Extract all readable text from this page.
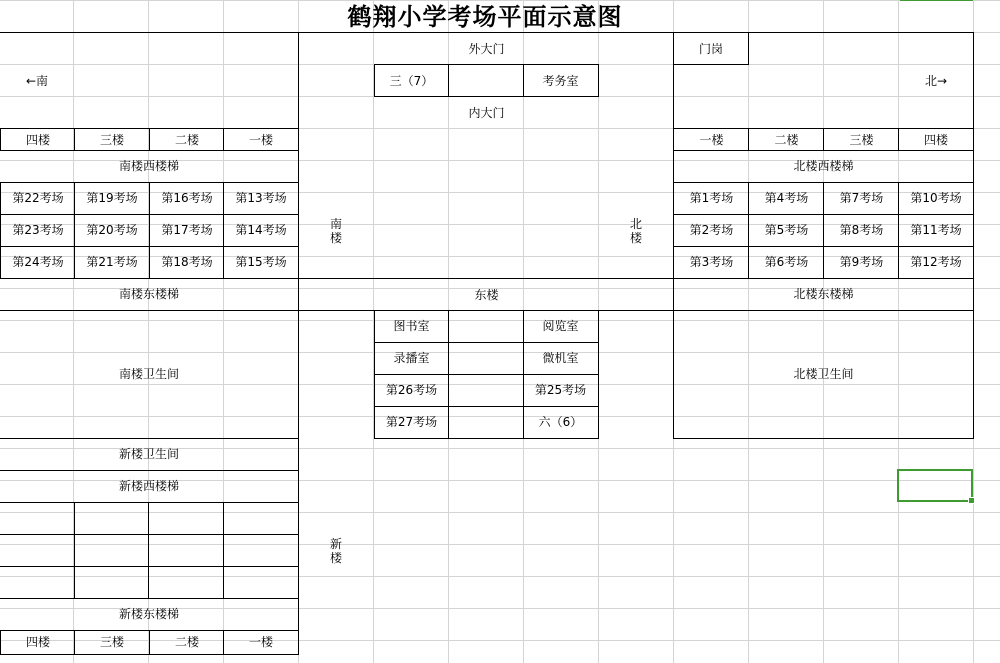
鹤翔小学考场平面示意图
←南
四楼	三楼	二楼	一楼
南楼西楼梯
第22考场	第19考场	第16考场	第13考场
第23考场	第20考场	第17考场	第14考场
第24考场	第21考场	第18考场	第15考场
南楼东楼梯
南楼卫生间
新楼卫生间
新楼西楼梯
新楼东楼梯
四楼	三楼	二楼	一楼
外大门
三（7）	考务室
内大门
南楼
北楼
东楼
图书室	阅览室
录播室	微机室
第26考场	第25考场
第27考场	六（6）
新楼
门岗
北→
一楼	二楼	三楼	四楼
北楼西楼梯
第1考场	第4考场	第7考场	第10考场
第2考场	第5考场	第8考场	第11考场
第3考场	第6考场	第9考场	第12考场
北楼东楼梯
北楼卫生间
